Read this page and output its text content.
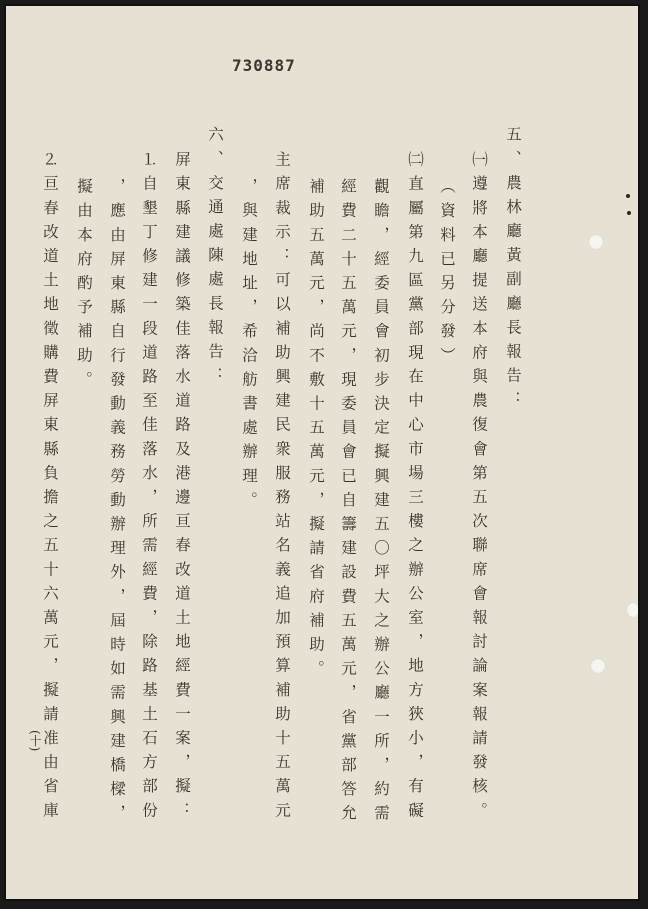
730887
五、農林廳黃副廳長報告：
㈠遵將本廳提送本府與農復會第五次聯席會報討論案報請發核。
（資料已另分發）
㈡直屬第九區黨部現在中心市場三樓之辦公室，地方狹小，有礙
觀瞻，經委員會初步決定擬興建五〇坪大之辦公廳一所，約需
經費二十五萬元，現委員會已自籌建設費五萬元，省黨部答允
補助五萬元，尚不敷十五萬元，擬請省府補助。
主席裁示：可以補助興建民衆服務站名義追加預算補助十五萬元
，與建地址，希洽舫書處辦理。
六、交通處陳處長報告：
屏東縣建議修築佳落水道路及港邊亘春改道土地經費一案，擬：
⒈自墾丁修建一段道路至佳落水，所需經費，除路基土石方部份
，應由屏東縣自行發動義務勞動辦理外，屆時如需興建橋樑，
擬由本府酌予補助。
⒉亘春改道土地徵購費屏東縣負擔之五十六萬元，擬請准由省庫
(十)
